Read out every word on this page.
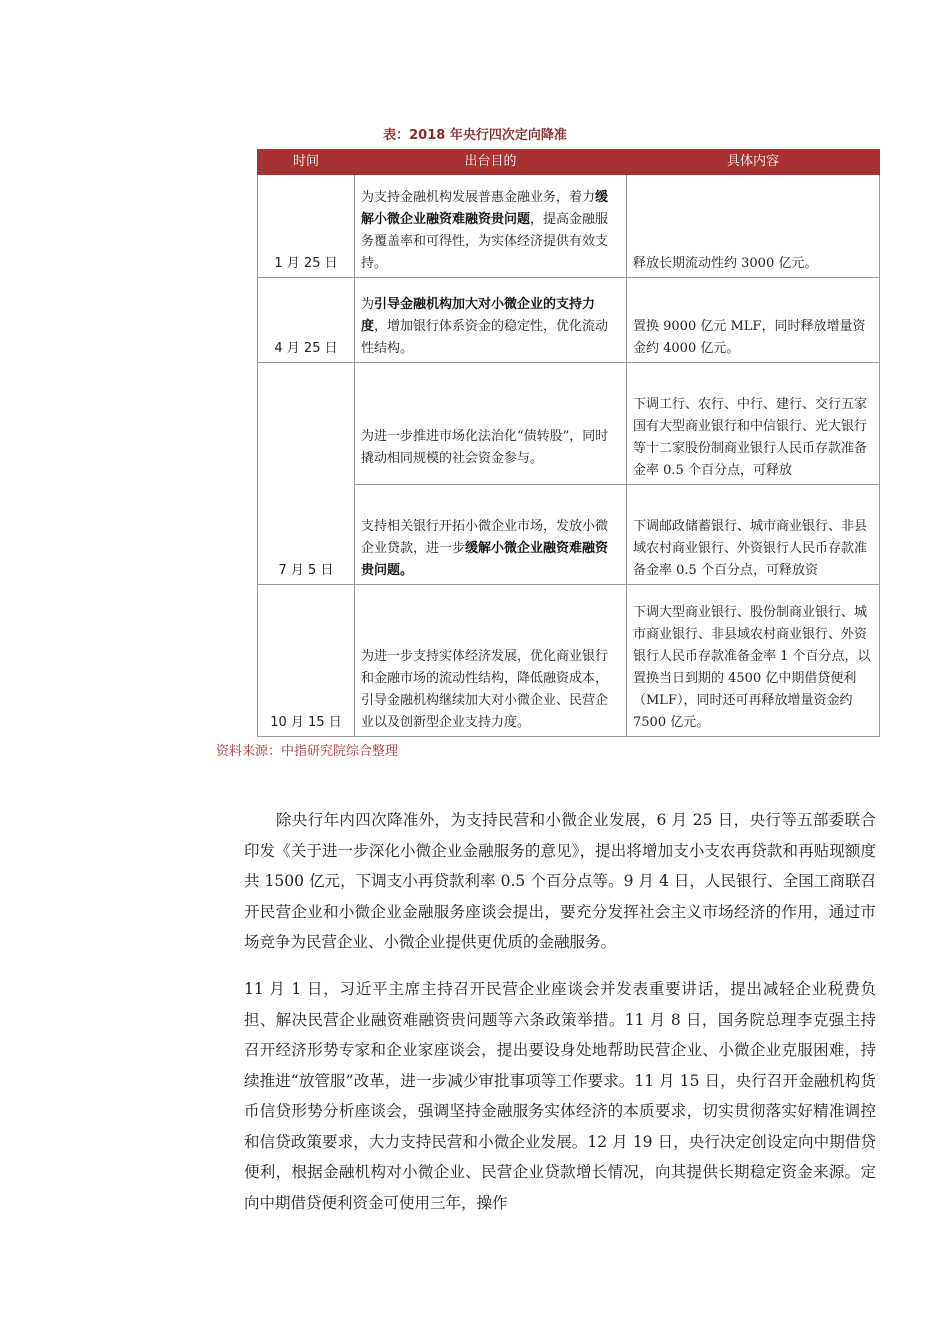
表：2018 年央行四次定向降准
时间	出台目的	具体内容
1 月 25 日	为支持金融机构发展普惠金融业务，着力缓解小微企业融资难融资贵问题，提高金融服务覆盖率和可得性，为实体经济提供有效支持。	释放长期流动性约 3000 亿元。
4 月 25 日	为引导金融机构加大对小微企业的支持力度，增加银行体系资金的稳定性，优化流动性结构。	置换 9000 亿元 MLF，同时释放增量资金约 4000 亿元。
7 月 5 日	为进一步推进市场化法治化“债转股”，同时撬动相同规模的社会资金参与。	下调工行、农行、中行、建行、交行五家国有大型商业银行和中信银行、光大银行等十二家股份制商业银行人民币存款准备金率 0.5 个百分点，可释放
	支持相关银行开拓小微企业市场，发放小微企业贷款，进一步缓解小微企业融资难融资贵问题。	下调邮政储蓄银行、城市商业银行、非县域农村商业银行、外资银行人民币存款准备金率 0.5 个百分点，可释放资
10 月 15 日	为进一步支持实体经济发展，优化商业银行和金融市场的流动性结构，降低融资成本，引导金融机构继续加大对小微企业、民营企业以及创新型企业支持力度。	下调大型商业银行、股份制商业银行、城市商业银行、非县域农村商业银行、外资银行人民币存款准备金率 1 个百分点，以置换当日到期的 4500 亿中期借贷便利（MLF），同时还可再释放增量资金约 7500 亿元。
资料来源：中指研究院综合整理

除央行年内四次降准外，为支持民营和小微企业发展，6 月 25 日，央行等五部委联合印发《关于进一步深化小微企业金融服务的意见》，提出将增加支小支农再贷款和再贴现额度共 1500 亿元，下调支小再贷款利率 0.5 个百分点等。9 月 4 日，人民银行、全国工商联召开民营企业和小微企业金融服务座谈会提出，要充分发挥社会主义市场经济的作用，通过市场竞争为民营企业、小微企业提供更优质的金融服务。

11 月 1 日，习近平主席主持召开民营企业座谈会并发表重要讲话，提出减轻企业税费负担、解决民营企业融资难融资贵问题等六条政策举措。11 月 8 日，国务院总理李克强主持召开经济形势专家和企业家座谈会，提出要设身处地帮助民营企业、小微企业克服困难，持续推进“放管服”改革，进一步减少审批事项等工作要求。11 月 15 日，央行召开金融机构货币信贷形势分析座谈会，强调坚持金融服务实体经济的本质要求，切实贯彻落实好精准调控和信贷政策要求，大力支持民营和小微企业发展。12 月 19 日，央行决定创设定向中期借贷便利，根据金融机构对小微企业、民营企业贷款增长情况，向其提供长期稳定资金来源。定向中期借贷便利资金可使用三年，操作
